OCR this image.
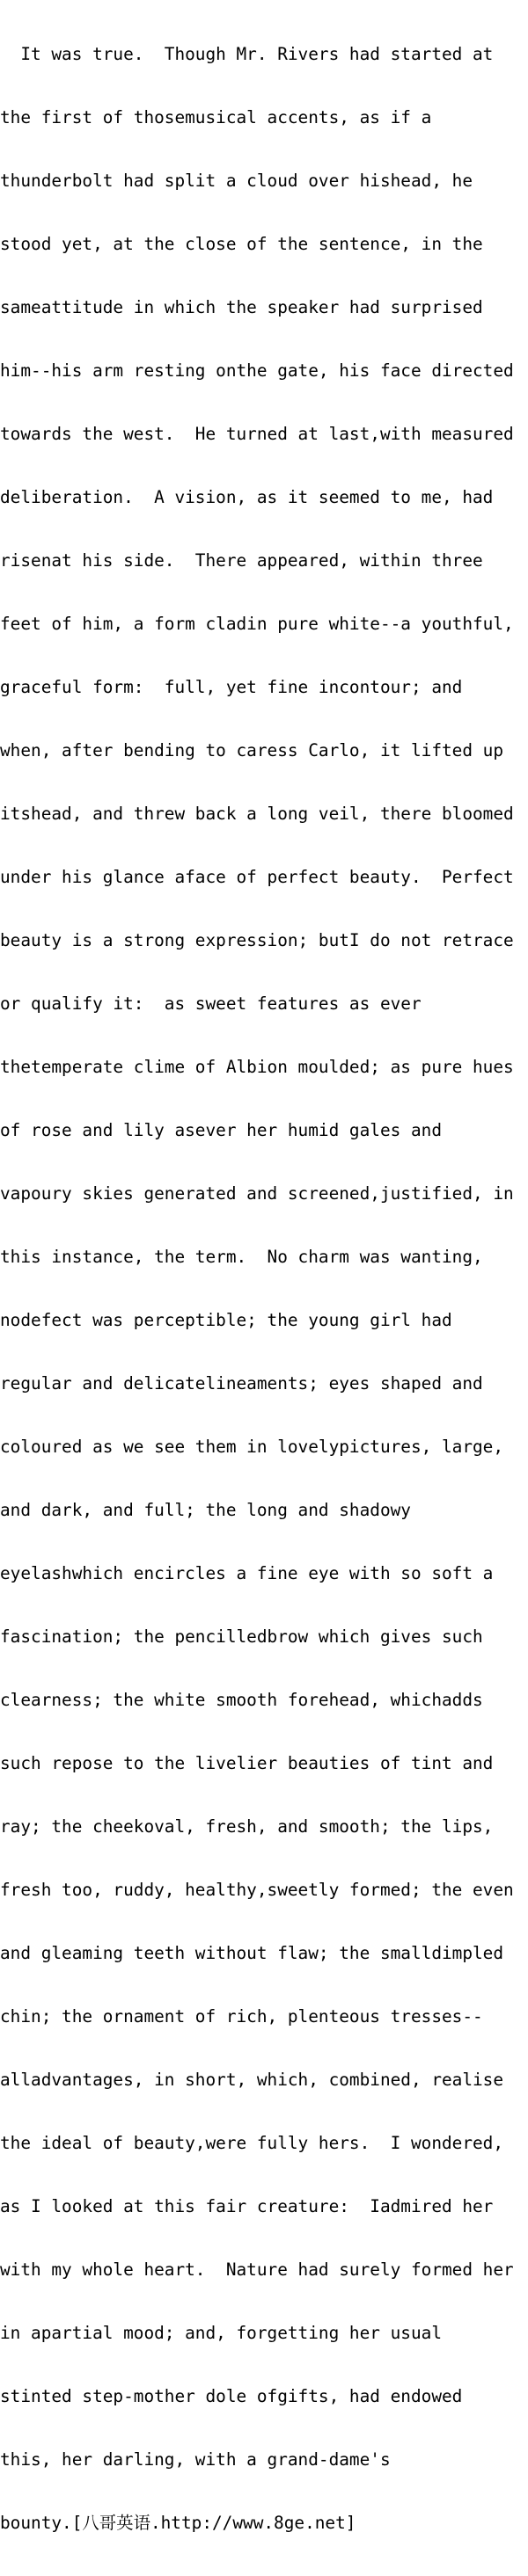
It was true.  Though Mr. Rivers had started at

the first of thosemusical accents, as if a

thunderbolt had split a cloud over hishead, he

stood yet, at the close of the sentence, in the

sameattitude in which the speaker had surprised

him--his arm resting onthe gate, his face directed

towards the west.  He turned at last,with measured

deliberation.  A vision, as it seemed to me, had

risenat his side.  There appeared, within three

feet of him, a form cladin pure white--a youthful,

graceful form:  full, yet fine incontour; and

when, after bending to caress Carlo, it lifted up

itshead, and threw back a long veil, there bloomed

under his glance aface of perfect beauty.  Perfect

beauty is a strong expression; butI do not retrace

or qualify it:  as sweet features as ever

thetemperate clime of Albion moulded; as pure hues

of rose and lily asever her humid gales and

vapoury skies generated and screened,justified, in

this instance, the term.  No charm was wanting,

nodefect was perceptible; the young girl had

regular and delicatelineaments; eyes shaped and

coloured as we see them in lovelypictures, large,

and dark, and full; the long and shadowy

eyelashwhich encircles a fine eye with so soft a

fascination; the pencilledbrow which gives such

clearness; the white smooth forehead, whichadds

such repose to the livelier beauties of tint and

ray; the cheekoval, fresh, and smooth; the lips,

fresh too, ruddy, healthy,sweetly formed; the even

and gleaming teeth without flaw; the smalldimpled

chin; the ornament of rich, plenteous tresses--

alladvantages, in short, which, combined, realise

the ideal of beauty,were fully hers.  I wondered,

as I looked at this fair creature:  Iadmired her

with my whole heart.  Nature had surely formed her

in apartial mood; and, forgetting her usual

stinted step-mother dole ofgifts, had endowed

this, her darling, with a grand-dame's

bounty.[八哥英语.http://www.8ge.net]
